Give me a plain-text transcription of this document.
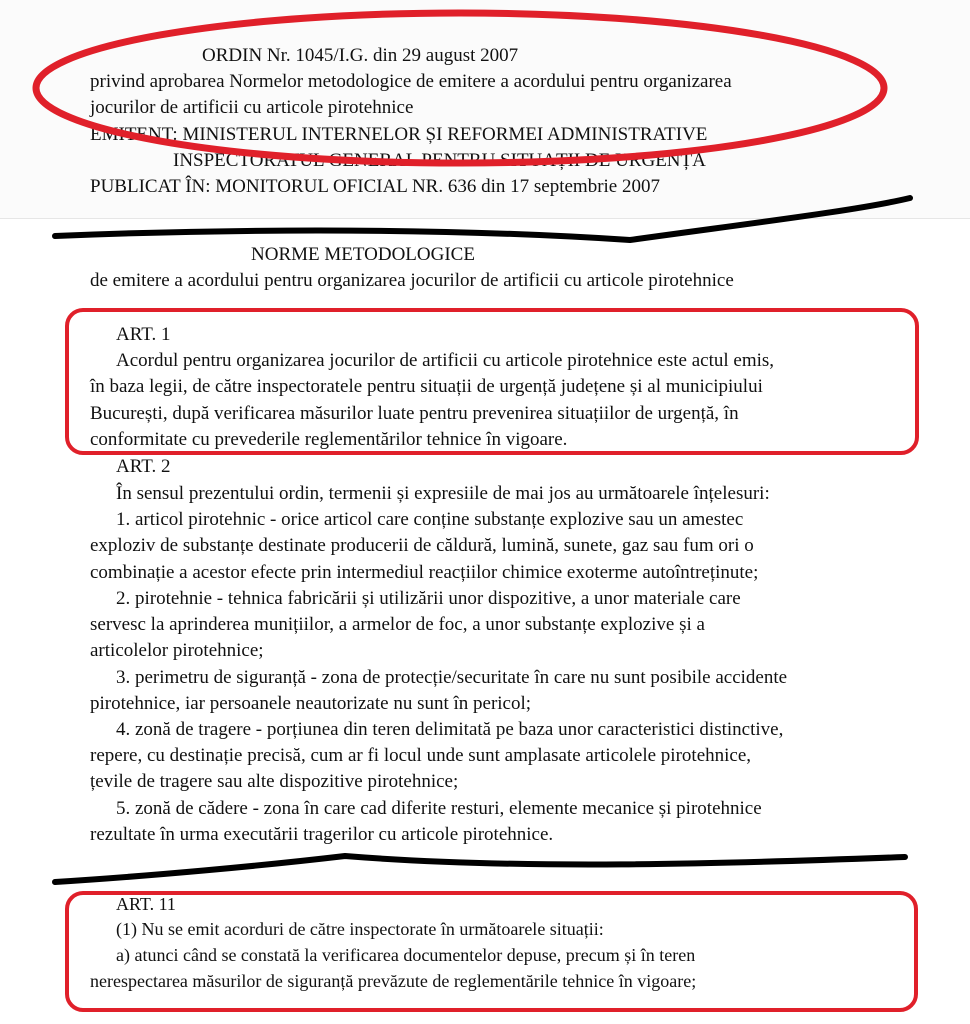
ORDIN Nr. 1045/I.G. din 29 august 2007
privind aprobarea Normelor metodologice de emitere a acordului pentru organizarea
jocurilor de artificii cu articole pirotehnice
EMITENT: MINISTERUL INTERNELOR ȘI REFORMEI ADMINISTRATIVE
INSPECTORATUL GENERAL PENTRU SITUAȚII DE URGENȚĂ
PUBLICAT ÎN: MONITORUL OFICIAL NR. 636 din 17 septembrie 2007
NORME METODOLOGICE
de emitere a acordului pentru organizarea jocurilor de artificii cu articole pirotehnice
ART. 1
Acordul pentru organizarea jocurilor de artificii cu articole pirotehnice este actul emis,
în baza legii, de către inspectoratele pentru situații de urgență județene și al municipiului
București, după verificarea măsurilor luate pentru prevenirea situațiilor de urgență, în
conformitate cu prevederile reglementărilor tehnice în vigoare.
ART. 2
În sensul prezentului ordin, termenii și expresiile de mai jos au următoarele înțelesuri:
1. articol pirotehnic - orice articol care conține substanțe explozive sau un amestec
exploziv de substanțe destinate producerii de căldură, lumină, sunete, gaz sau fum ori o
combinație a acestor efecte prin intermediul reacțiilor chimice exoterme autoîntreținute;
2. pirotehnie - tehnica fabricării și utilizării unor dispozitive, a unor materiale care
servesc la aprinderea munițiilor, a armelor de foc, a unor substanțe explozive și a
articolelor pirotehnice;
3. perimetru de siguranță - zona de protecție/securitate în care nu sunt posibile accidente
pirotehnice, iar persoanele neautorizate nu sunt în pericol;
4. zonă de tragere - porțiunea din teren delimitată pe baza unor caracteristici distinctive,
repere, cu destinație precisă, cum ar fi locul unde sunt amplasate articolele pirotehnice,
țevile de tragere sau alte dispozitive pirotehnice;
5. zonă de cădere - zona în care cad diferite resturi, elemente mecanice și pirotehnice
rezultate în urma executării tragerilor cu articole pirotehnice.
ART. 11
(1) Nu se emit acorduri de către inspectorate în următoarele situații:
a) atunci când se constată la verificarea documentelor depuse, precum și în teren
nerespectarea măsurilor de siguranță prevăzute de reglementările tehnice în vigoare;
